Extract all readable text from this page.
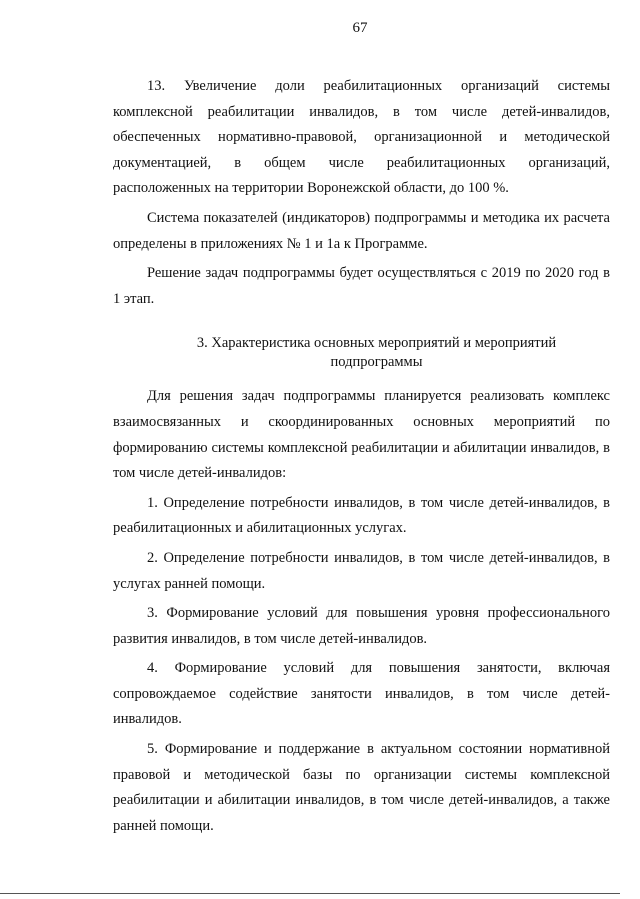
67

13. Увеличение доли реабилитационных организаций системы комплексной реабилитации инвалидов, в том числе детей-инвалидов, обеспеченных нормативно-правовой, организационной и методической документацией, в общем числе реабилитационных организаций, расположенных на территории Воронежской области, до 100 %.

Система показателей (индикаторов) подпрограммы и методика их расчета определены в приложениях № 1 и 1а к Программе.

Решение задач подпрограммы будет осуществляться с 2019 по 2020 год в 1 этап.

3. Характеристика основных мероприятий и мероприятий
подпрограммы

Для решения задач подпрограммы планируется реализовать комплекс взаимосвязанных и скоординированных основных мероприятий по формированию системы комплексной реабилитации и абилитации инвалидов, в том числе детей-инвалидов:

1. Определение потребности инвалидов, в том числе детей-инвалидов, в реабилитационных и абилитационных услугах.

2. Определение потребности инвалидов, в том числе детей-инвалидов, в услугах ранней помощи.

3. Формирование условий для повышения уровня профессионального развития инвалидов, в том числе детей-инвалидов.

4. Формирование условий для повышения занятости, включая сопровождаемое содействие занятости инвалидов, в том числе детей-инвалидов.

5. Формирование и поддержание в актуальном состоянии нормативной правовой и методической базы по организации системы комплексной реабилитации и абилитации инвалидов, в том числе детей-инвалидов, а также ранней помощи.
